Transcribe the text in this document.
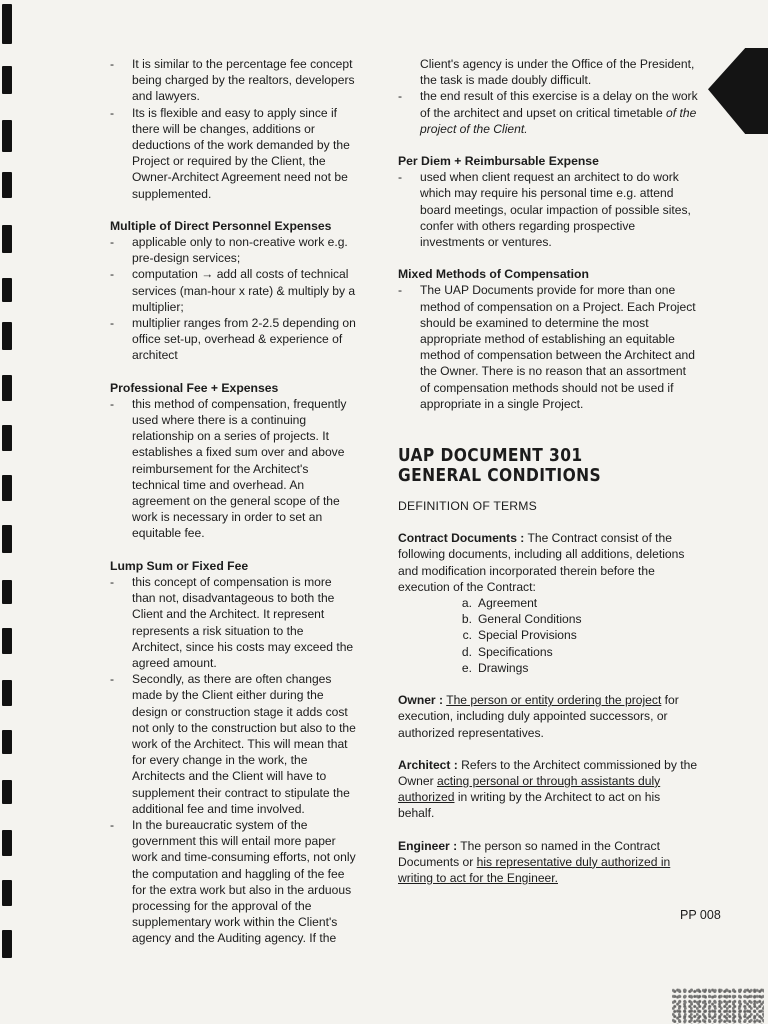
-	It is similar to the percentage fee concept being charged by the realtors, developers and lawyers.
-	Its is flexible and easy to apply since if there will be changes, additions or deductions of the work demanded by the Project or required by the Client, the Owner-Architect Agreement need not be supplemented.
Multiple of Direct Personnel Expenses
-	applicable only to non-creative work e.g. pre-design services;
-	computation → add all costs of technical services (man-hour x rate) & multiply by a multiplier;
-	multiplier ranges from 2-2.5 depending on office set-up, overhead & experience of architect
Professional Fee + Expenses
-	this method of compensation, frequently used where there is a continuing relationship on a series of projects. It establishes a fixed sum over and above reimbursement for the Architect's technical time and overhead. An agreement on the general scope of the work is necessary in order to set an equitable fee.
Lump Sum or Fixed Fee
-	this concept of compensation is more than not, disadvantageous to both the Client and the Architect. It represent represents a risk situation to the Architect, since his costs may exceed the agreed amount.
-	Secondly, as there are often changes made by the Client either during the design or construction stage it adds cost not only to the construction but also to the work of the Architect. This will mean that for every change in the work, the Architects and the Client will have to supplement their contract to stipulate the additional fee and time involved.
-	In the bureaucratic system of the government this will entail more paper work and time-consuming efforts, not only the computation and haggling of the fee for the extra work but also in the arduous processing for the approval of the supplementary work within the Client's agency and the Auditing agency. If the
Client's agency is under the Office of the President, the task is made doubly difficult.
-	the end result of this exercise is a delay on the work of the architect and upset on critical timetable of the project of the Client.
Per Diem + Reimbursable Expense
-	used when client request an architect to do work which may require his personal time e.g. attend board meetings, ocular impaction of possible sites, confer with others regarding prospective investments or ventures.
Mixed Methods of Compensation
-	The UAP Documents provide for more than one method of compensation on a Project. Each Project should be examined to determine the most appropriate method of establishing an equitable method of compensation between the Architect and the Owner. There is no reason that an assortment of compensation methods should not be used if appropriate in a single Project.
UAP DOCUMENT 301
GENERAL CONDITIONS
DEFINITION OF TERMS
Contract Documents : The Contract consist of the following documents, including all additions, deletions and modification incorporated therein before the execution of the Contract:
a. Agreement
b. General Conditions
c. Special Provisions
d. Specifications
e. Drawings
Owner : The person or entity ordering the project for execution, including duly appointed successors, or authorized representatives.
Architect : Refers to the Architect commissioned by the Owner acting personal or through assistants duly authorized in writing by the Architect to act on his behalf.
Engineer : The person so named in the Contract Documents or his representative duly authorized in writing to act for the Engineer.
PP 008
